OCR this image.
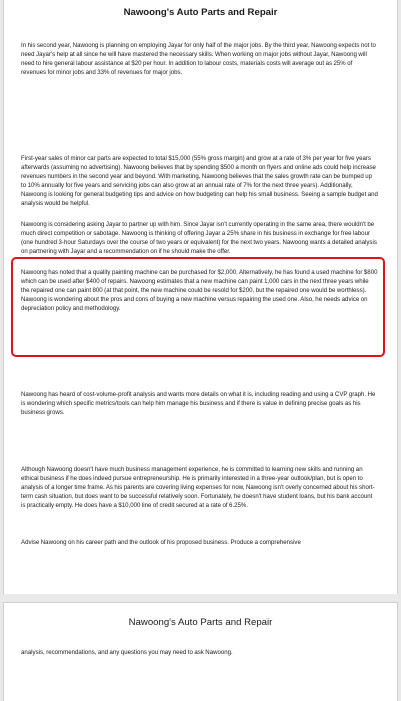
Nawoong's Auto Parts and Repair

In his second year, Nawoong is planning on employing Jayar for only half of the major jobs. By the third year, Nawoong expects not to need Jayar's help at all since he will have mastered the necessary skills. When working on major jobs without Jayar, Nawoong will need to hire general labour assistance at $20 per hour. In addition to labour costs, materials costs will average out as 25% of revenues for minor jobs and 33% of revenues for major jobs.

First-year sales of minor car parts are expected to total $15,000 (55% gross margin) and grow at a rate of 3% per year for five years afterwards (assuming no advertising). Nawoong believes that by spending $500 a month on flyers and online ads could help increase revenues numbers in the second year and beyond. With marketing, Nawoong believes that the sales growth rate can be bumped up to 10% annually for five years and servicing jobs can also grow at an annual rate of 7% for the next three years). Additionally, Nawoong is looking for general budgeting tips and advice on how budgeting can help his small business. Seeing a sample budget and analysis would be helpful.

Nawoong is considering asking Jayar to partner up with him. Since Jayar isn't currently operating in the same area, there wouldn't be much direct competition or sabotage. Nawoong is thinking of offering Jayar a 25% share in his business in exchange for free labour (one hundred 3-hour Saturdays over the course of two years or equivalent) for the next two years. Nawoong wants a detailed analysis on partnering with Jayar and a recommendation on if he should make the offer.

Nawoong has noted that a quality painting machine can be purchased for $2,000. Alternatively, he has found a used machine for $800 which can be used after $400 of repairs. Nawoong estimates that a new machine can paint 1,000 cars in the next three years while the repaired one can paint 800 (at that point, the new machine could be resold for $200, but the repaired one would be worthless). Nawoong is wondering about the pros and cons of buying a new machine versus repairing the used one. Also, he needs advice on depreciation policy and methodology.

Nawoong has heard of cost-volume-profit analysis and wants more details on what it is, including reading and using a CVP graph. He is wondering which specific metrics/tools can help him manage his business and if there is value in defining precise goals as his business grows.

Although Nawoong doesn't have much business management experience, he is committed to learning new skills and running an ethical business if he does indeed pursue entrepreneurship. He is primarily interested in a three-year outlook/plan, but is open to analysis of a longer time frame. As his parents are covering living expenses for now, Nawoong isn't overly concerned about his short-term cash situation, but does want to be successful relatively soon. Fortunately, he doesn't have student loans, but his bank account is practically empty. He does have a $10,000 line of credit secured at a rate of 6.25%.

Advise Nawoong on his career path and the outlook of his proposed business. Produce a comprehensive

Nawoong's Auto Parts and Repair

analysis, recommendations, and any questions you may need to ask Nawoong.
